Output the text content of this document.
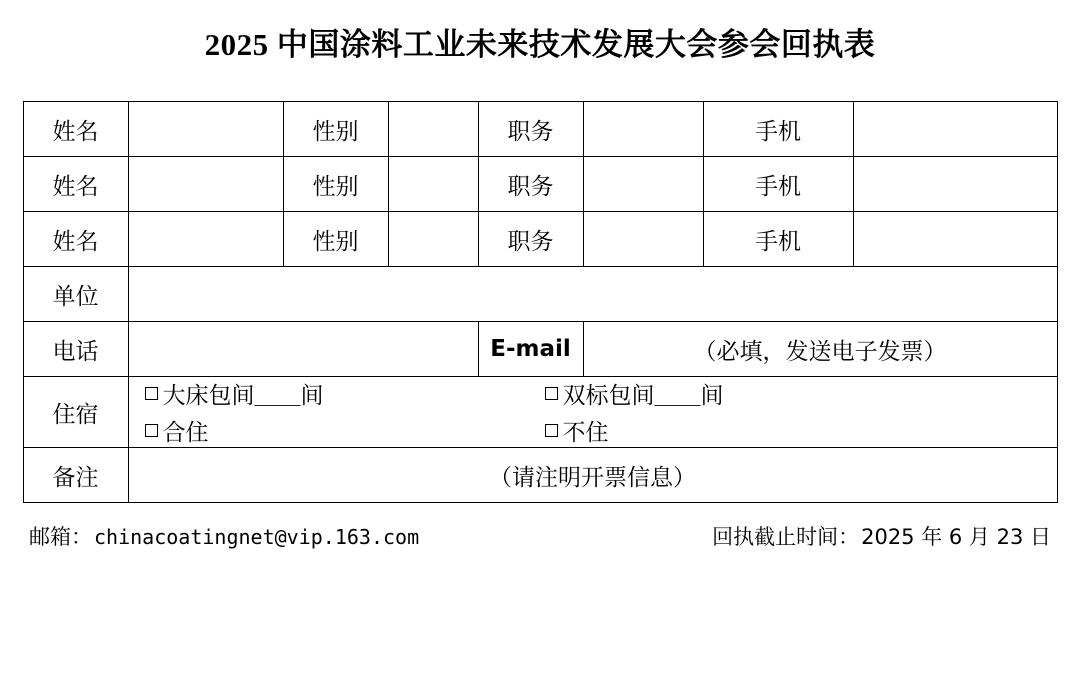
2025 中国涂料工业未来技术发展大会参会回执表
姓名		性别		职务		手机	
姓名		性别		职务		手机	
姓名		性别		职务		手机	
单位							
电话				E-mail	（必填，发送电子发票）		
住宿	大床包间＿＿间 双标包间＿＿间
合住 不住						

备注	（请注明开票信息）						
邮箱： chinacoatingnet@vip.163.com	回执截止时间： 2025 年 6 月 23 日
